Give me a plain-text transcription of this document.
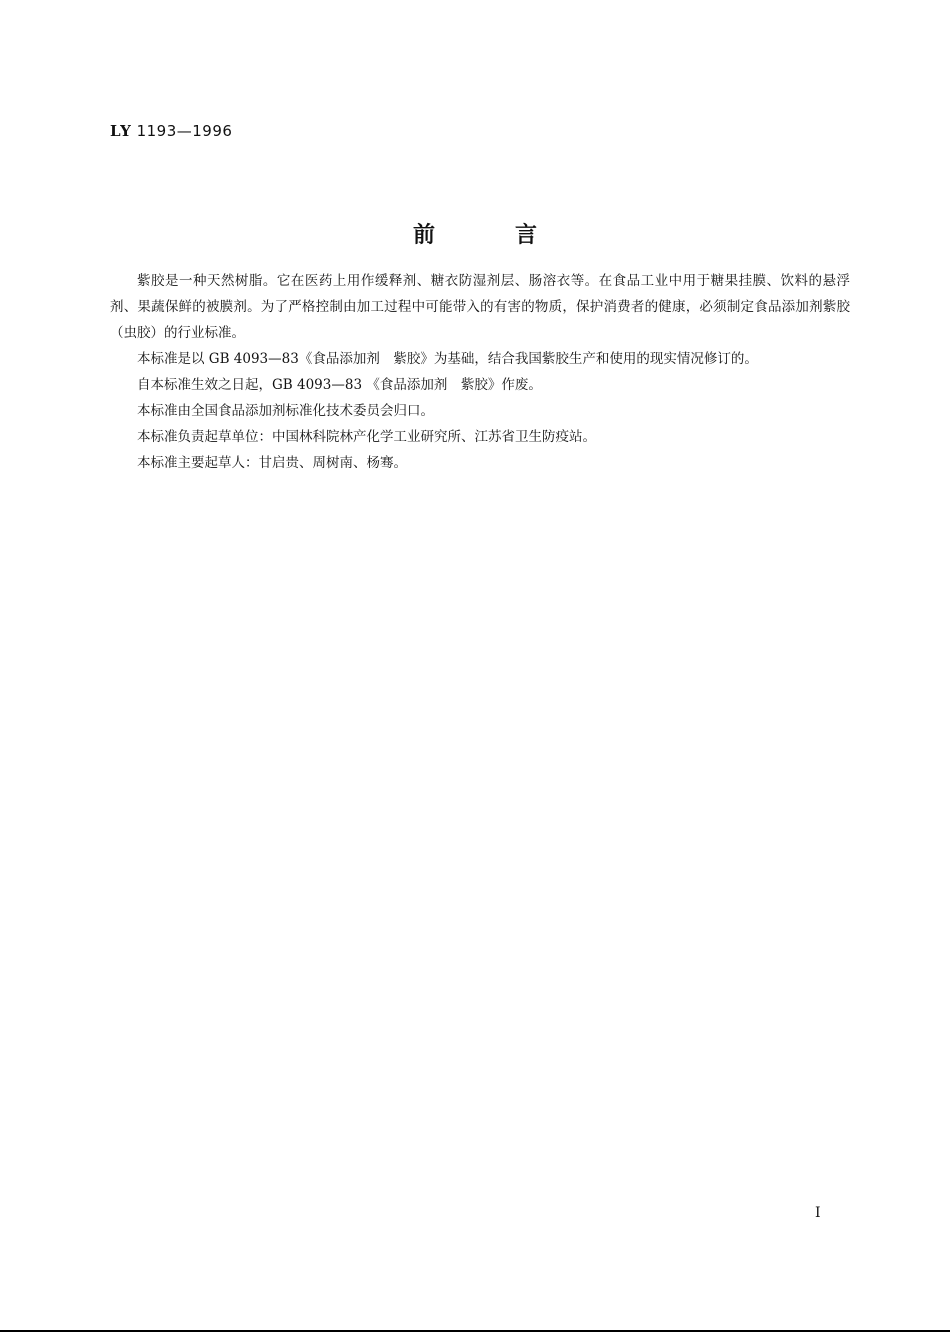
LY 1193—1996
前言

紫胶是一种天然树脂。它在医药上用作缓释剂、糖衣防湿剂层、肠溶衣等。在食品工业中用于糖果挂膜、饮料的悬浮剂、果蔬保鲜的被膜剂。为了严格控制由加工过程中可能带入的有害的物质，保护消费者的健康，必须制定食品添加剂紫胶（虫胶）的行业标准。

本标准是以 GB 4093—83《食品添加剂　紫胶》为基础，结合我国紫胶生产和使用的现实情况修订的。

自本标准生效之日起，GB 4093—83 《食品添加剂　紫胶》作废。

本标准由全国食品添加剂标准化技术委员会归口。

本标准负责起草单位：中国林科院林产化学工业研究所、江苏省卫生防疫站。

本标准主要起草人：甘启贵、周树南、杨骞。

I
